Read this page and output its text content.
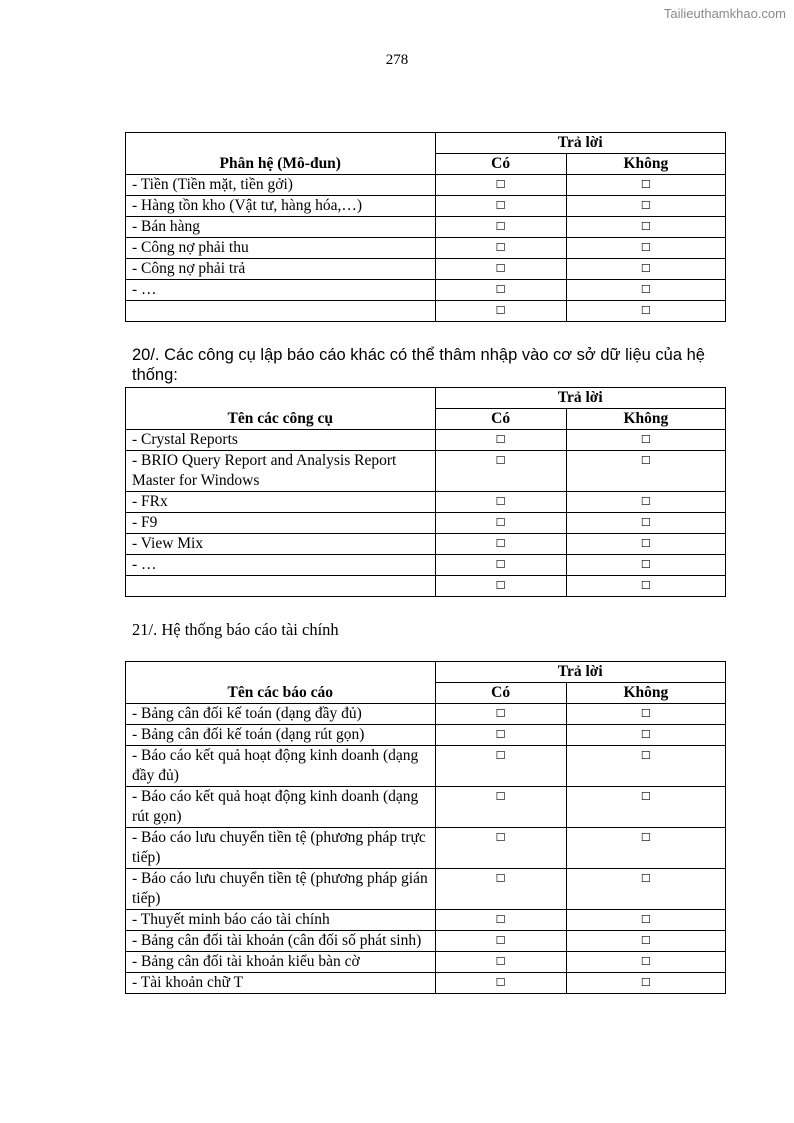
Tailieuthamkhao.com
278
Phân hệ (Mô-đun)	Trả lời	
	Có	Không
- Tiền (Tiền mặt, tiền gởi)	☐	☐
- Hàng tồn kho (Vật tư, hàng hóa,…)	☐	☐
- Bán hàng	☐	☐
- Công nợ phải thu	☐	☐
- Công nợ phải trả	☐	☐
- …	☐	☐
	☐	☐
20/. Các công cụ lập báo cáo khác có thể thâm nhập vào cơ sở dữ liệu của hệ
thống:
Tên các công cụ	Trả lời	
	Có	Không
- Crystal Reports	☐	☐
- BRIO Query Report and Analysis Report Master for Windows	☐	☐
- FRx	☐	☐
- F9	☐	☐
- View Mix	☐	☐
- …	☐	☐
	☐	☐
21/. Hệ thống báo cáo tài chính
Tên các báo cáo	Trả lời	
	Có	Không
- Bảng cân đối kế toán (dạng đầy đủ)	☐	☐
- Bảng cân đối kế toán (dạng rút gọn)	☐	☐
- Báo cáo kết quả hoạt động kinh doanh (dạng đầy đủ)	☐	☐
- Báo cáo kết quả hoạt động kinh doanh (dạng rút gọn)	☐	☐
- Báo cáo lưu chuyển tiền tệ (phương pháp trực tiếp)	☐	☐
- Báo cáo lưu chuyển tiền tệ (phương pháp gián tiếp)	☐	☐
- Thuyết minh báo cáo tài chính	☐	☐
- Bảng cân đối tài khoản (cân đối số phát sinh)	☐	☐
- Bảng cân đối tài khoản kiểu bàn cờ	☐	☐
- Tài khoản chữ T	☐	☐
